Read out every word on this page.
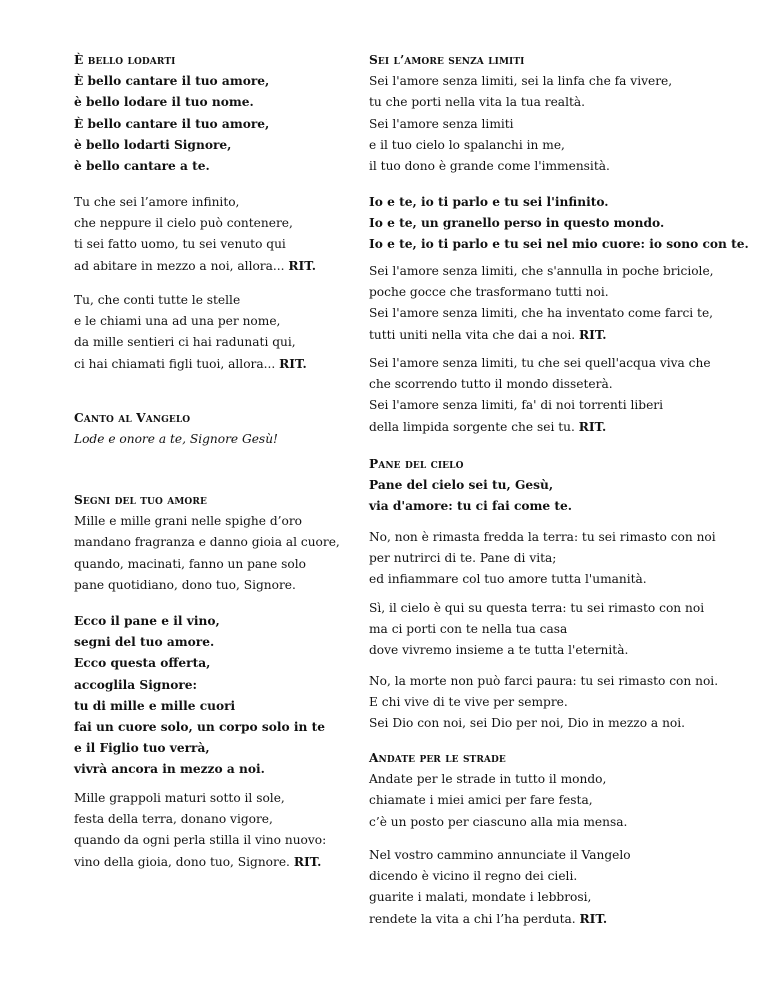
È bello lodarti
È bello cantare il tuo amore,
è bello lodare il tuo nome.
È bello cantare il tuo amore,
è bello lodarti Signore,
è bello cantare a te.
Tu che sei l’amore infinito,
che neppure il cielo può contenere,
ti sei fatto uomo, tu sei venuto qui
ad abitare in mezzo a noi, allora... RIT.
Tu, che conti tutte le stelle
e le chiami una ad una per nome,
da mille sentieri ci hai radunati qui,
ci hai chiamati figli tuoi, allora... RIT.
Canto al Vangelo
Lode e onore a te, Signore Gesù!
Segni del tuo amore
Mille e mille grani nelle spighe d’oro
mandano fragranza e danno gioia al cuore,
quando, macinati, fanno un pane solo
pane quotidiano, dono tuo, Signore.
Ecco il pane e il vino,
segni del tuo amore.
Ecco questa offerta,
accoglila Signore:
tu di mille e mille cuori
fai un cuore solo, un corpo solo in te
e il Figlio tuo verrà,
vivrà ancora in mezzo a noi.
Mille grappoli maturi sotto il sole,
festa della terra, donano vigore,
quando da ogni perla stilla il vino nuovo:
vino della gioia, dono tuo, Signore. RIT.
Sei l’amore senza limiti
Sei l'amore senza limiti, sei la linfa che fa vivere,
tu che porti nella vita la tua realtà.
Sei l'amore senza limiti
e il tuo cielo lo spalanchi in me,
il tuo dono è grande come l'immensità.
Io e te, io ti parlo e tu sei l'infinito.
Io e te, un granello perso in questo mondo.
Io e te, io ti parlo e tu sei nel mio cuore: io sono con te.
Sei l'amore senza limiti, che s'annulla in poche briciole,
poche gocce che trasformano tutti noi.
Sei l'amore senza limiti, che ha inventato come farci te,
tutti uniti nella vita che dai a noi. RIT.
Sei l'amore senza limiti, tu che sei quell'acqua viva che
che scorrendo tutto il mondo disseterà.
Sei l'amore senza limiti, fa' di noi torrenti liberi
della limpida sorgente che sei tu. RIT.
Pane del cielo
Pane del cielo sei tu, Gesù,
via d'amore: tu ci fai come te.
No, non è rimasta fredda la terra: tu sei rimasto con noi
per nutrirci di te. Pane di vita;
ed infiammare col tuo amore tutta l'umanità.
Sì, il cielo è qui su questa terra: tu sei rimasto con noi
ma ci porti con te nella tua casa
dove vivremo insieme a te tutta l'eternità.
No, la morte non può farci paura: tu sei rimasto con noi.
E chi vive di te vive per sempre.
Sei Dio con noi, sei Dio per noi, Dio in mezzo a noi.
Andate per le strade
Andate per le strade in tutto il mondo,
chiamate i miei amici per fare festa,
c’è un posto per ciascuno alla mia mensa.
Nel vostro cammino annunciate il Vangelo
dicendo è vicino il regno dei cieli.
guarite i malati, mondate i lebbrosi,
rendete la vita a chi l’ha perduta. RIT.
